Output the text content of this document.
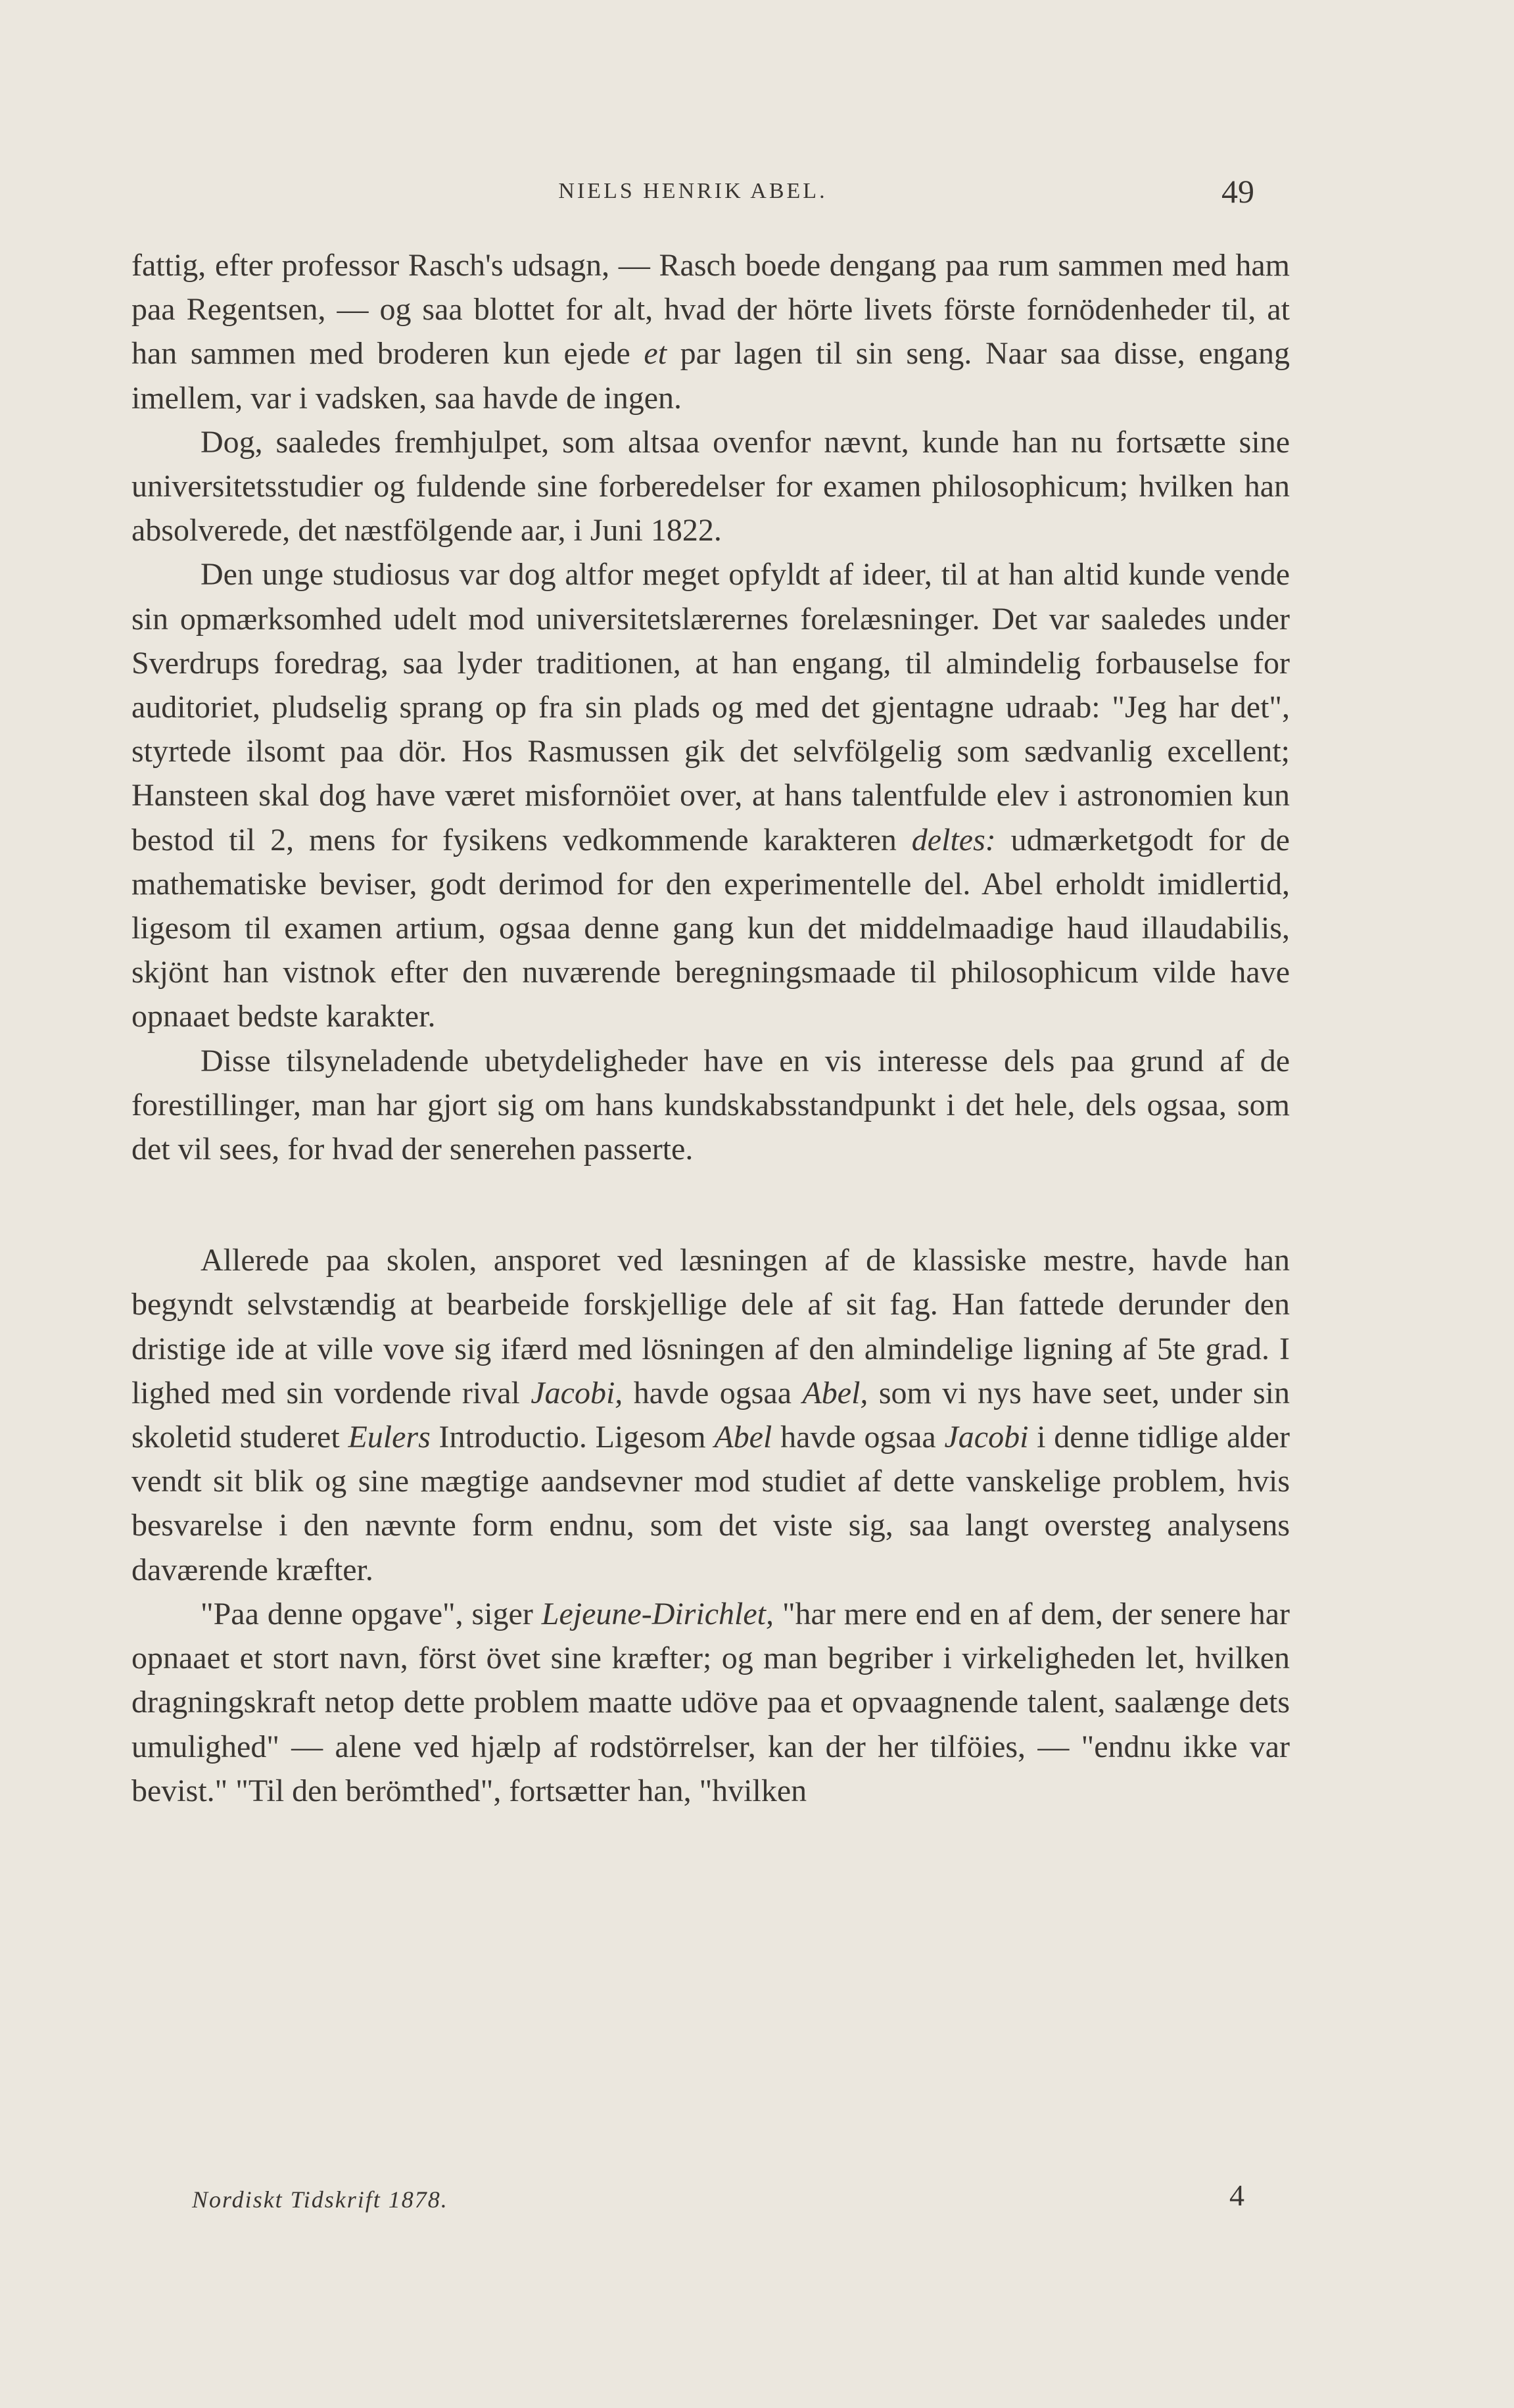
NIELS HENRIK ABEL.	49

fattig, efter professor Rasch's udsagn, — Rasch boede dengang paa rum sammen med ham paa Regentsen, — og saa blottet for alt, hvad der hörte livets förste fornödenheder til, at han sammen med broderen kun ejede et par lagen til sin seng. Naar saa disse, engang imellem, var i vadsken, saa havde de ingen.

Dog, saaledes fremhjulpet, som altsaa ovenfor nævnt, kunde han nu fortsætte sine universitetsstudier og fuldende sine forberedelser for examen philosophicum; hvilken han absolverede, det næstfölgende aar, i Juni 1822.

Den unge studiosus var dog altfor meget opfyldt af ideer, til at han altid kunde vende sin opmærksomhed udelt mod universitetslærernes forelæsninger. Det var saaledes under Sverdrups foredrag, saa lyder traditionen, at han engang, til almindelig forbauselse for auditoriet, pludselig sprang op fra sin plads og med det gjentagne udraab: "Jeg har det", styrtede ilsomt paa dör. Hos Rasmussen gik det selvfölgelig som sædvanlig excellent; Hansteen skal dog have været misfornöiet over, at hans talentfulde elev i astronomien kun bestod til 2, mens for fysikens vedkommende karakteren deltes: udmærketgodt for de mathematiske beviser, godt derimod for den experimentelle del. Abel erholdt imidlertid, ligesom til examen artium, ogsaa denne gang kun det middelmaadige haud illaudabilis, skjönt han vistnok efter den nuværende beregningsmaade til philosophicum vilde have opnaaet bedste karakter.

Disse tilsyneladende ubetydeligheder have en vis interesse dels paa grund af de forestillinger, man har gjort sig om hans kundskabsstandpunkt i det hele, dels ogsaa, som det vil sees, for hvad der senerehen passerte.

Allerede paa skolen, ansporet ved læsningen af de klassiske mestre, havde han begyndt selvstændig at bearbeide forskjellige dele af sit fag. Han fattede derunder den dristige ide at ville vove sig ifærd med lösningen af den almindelige ligning af 5te grad. I lighed med sin vordende rival Jacobi, havde ogsaa Abel, som vi nys have seet, under sin skoletid studeret Eulers Introductio. Ligesom Abel havde ogsaa Jacobi i denne tidlige alder vendt sit blik og sine mægtige aandsevner mod studiet af dette vanskelige problem, hvis besvarelse i den nævnte form endnu, som det viste sig, saa langt oversteg analysens daværende kræfter.

"Paa denne opgave", siger Lejeune-Dirichlet, "har mere end en af dem, der senere har opnaaet et stort navn, först övet sine kræfter; og man begriber i virkeligheden let, hvilken dragningskraft netop dette problem maatte udöve paa et opvaagnende talent, saalænge dets umulighed" — alene ved hjælp af rodstörrelser, kan der her tilföies, — "endnu ikke var bevist." "Til den berömthed", fortsætter han, "hvilken

Nordiskt Tidskrift 1878.	4
